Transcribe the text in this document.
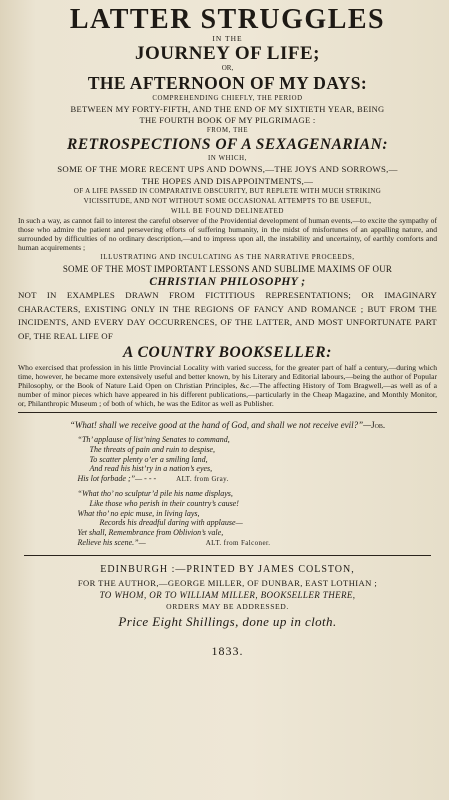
LATTER STRUGGLES

IN THE

JOURNEY OF LIFE;

OR,

THE AFTERNOON OF MY DAYS:

COMPREHENDING CHIEFLY, THE PERIOD

BETWEEN MY FORTY-FIFTH, AND THE END OF MY SIXTIETH YEAR, BEING

THE FOURTH BOOK OF MY PILGRIMAGE :

FROM, THE

RETROSPECTIONS OF A SEXAGENARIAN:

IN WHICH,

SOME OF THE MORE RECENT UPS AND DOWNS,—THE JOYS AND SORROWS,—

THE HOPES AND DISAPPOINTMENTS,—

OF A LIFE PASSED IN COMPARATIVE OBSCURITY, BUT REPLETE WITH MUCH STRIKING

VICISSITUDE, AND NOT WITHOUT SOME OCCASIONAL ATTEMPTS TO BE USEFUL,

WILL BE FOUND DELINEATED

In such a way, as cannot fail to interest the careful observer of the Providential development of human events,—to excite the sympathy of those who admire the patient and persevering efforts of suffering humanity, in the midst of misfortunes of an appalling nature, and surrounded by difficulties of no ordinary description,—and to impress upon all, the instability and uncertainty, of earthly comforts and human acquirements ;

ILLUSTRATING AND INCULCATING AS THE NARRATIVE PROCEEDS,

SOME OF THE MOST IMPORTANT LESSONS AND SUBLIME MAXIMS OF OUR

CHRISTIAN PHILOSOPHY ;

NOT IN EXAMPLES DRAWN FROM FICTITIOUS REPRESENTATIONS; OR IMAGINARY CHARACTERS, EXISTING ONLY IN THE REGIONS OF FANCY AND ROMANCE ; BUT FROM THE INCIDENTS, AND EVERY DAY OCCURRENCES, OF THE LATTER, AND MOST UNFORTUNATE PART OF, THE REAL LIFE OF

A COUNTRY BOOKSELLER:

Who exercised that profession in his little Provincial Locality with varied success, for the greater part of half a century,—during which time, however, he became more extensively useful and better known, by his Literary and Editorial labours,—being the author of Popular Philosophy, or the Book of Nature Laid Open on Christian Principles, &c.—The affecting History of Tom Bragwell,—as well as of a number of minor pieces which have appeared in his different publications,—particularly in the Cheap Magazine, and Monthly Monitor, or, Philanthropic Museum ; of both of which, he was the Editor as well as Publisher.

“What! shall we receive good at the hand of God, and shall we not receive evil?”—Job.

“Th’ applause of list’ning Senates to command,

The threats of pain and ruin to despise,

To scatter plenty o’er a smiling land,

And read his hist’ry in a nation’s eyes,

His lot forbade ;”— - - -	ALT. from Gray.

“What tho’ no sculptur’d pile his name displays,

Like those who perish in their country’s cause!

What tho’ no epic muse, in living lays,

Records his dreadful daring with applause—

Yet shall, Remembrance from Oblivion’s vale,

Relieve his scene.”—	ALT. from Falconer.

EDINBURGH :—PRINTED BY JAMES COLSTON,

FOR THE AUTHOR,—GEORGE MILLER, OF DUNBAR, EAST LOTHIAN ;

TO WHOM, OR TO WILLIAM MILLER, BOOKSELLER THERE,

ORDERS MAY BE ADDRESSED.

Price Eight Shillings, done up in cloth.

1833.
